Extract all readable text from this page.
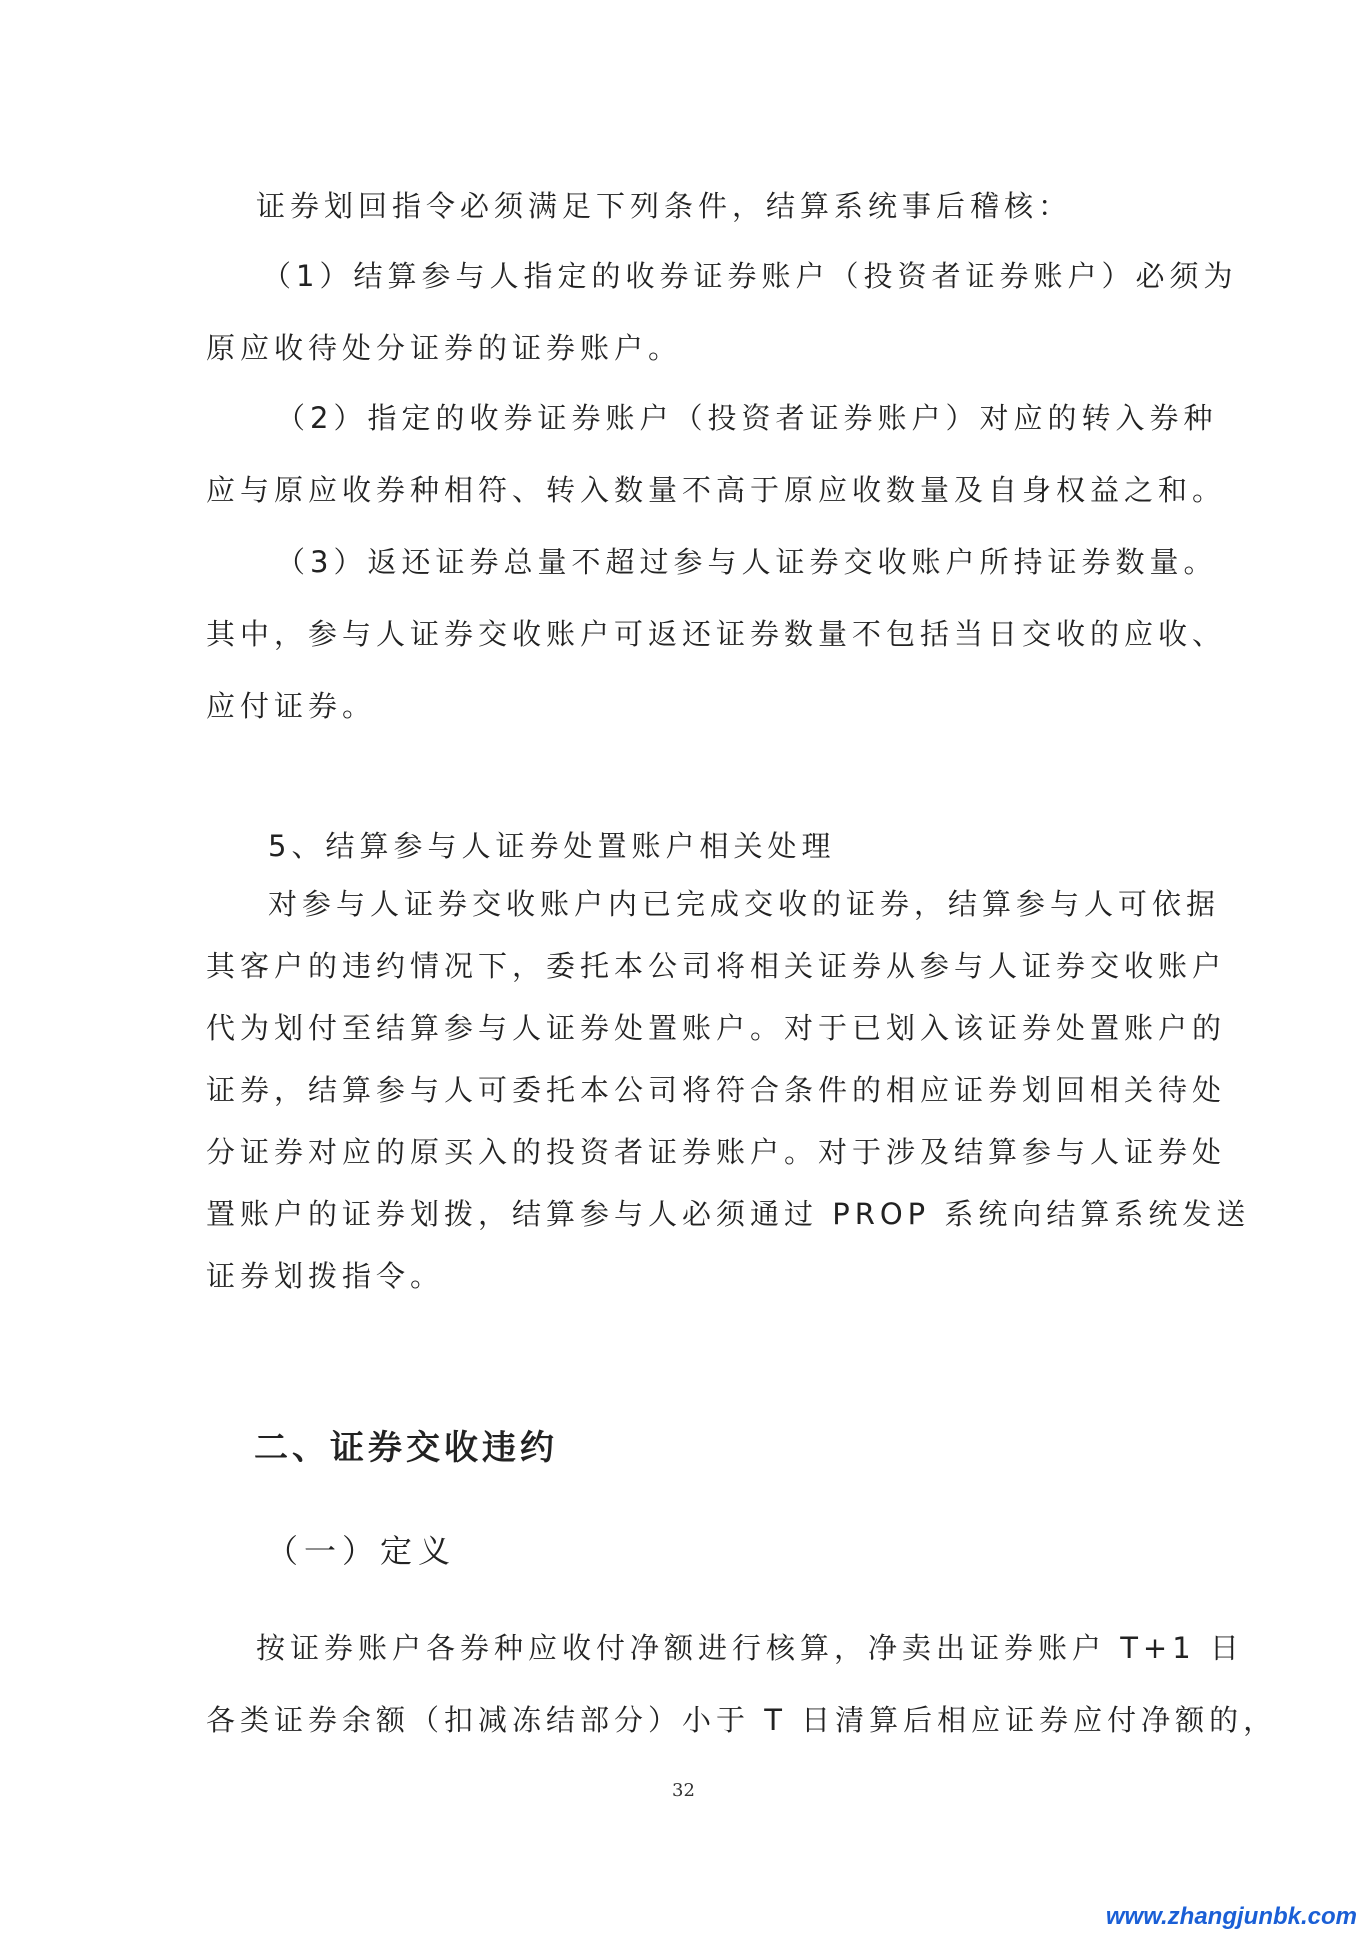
证券划回指令必须满足下列条件，结算系统事后稽核：
（1）结算参与人指定的收券证券账户（投资者证券账户）必须为
原应收待处分证券的证券账户。
（2）指定的收券证券账户（投资者证券账户）对应的转入券种
应与原应收券种相符、转入数量不高于原应收数量及自身权益之和。
（3）返还证券总量不超过参与人证券交收账户所持证券数量。
其中，参与人证券交收账户可返还证券数量不包括当日交收的应收、
应付证券。
5、结算参与人证券处置账户相关处理
对参与人证券交收账户内已完成交收的证券，结算参与人可依据
其客户的违约情况下，委托本公司将相关证券从参与人证券交收账户
代为划付至结算参与人证券处置账户。对于已划入该证券处置账户的
证券，结算参与人可委托本公司将符合条件的相应证券划回相关待处
分证券对应的原买入的投资者证券账户。对于涉及结算参与人证券处
置账户的证券划拨，结算参与人必须通过 PROP 系统向结算系统发送
证券划拨指令。
二、证券交收违约
（一）定义
按证券账户各券种应收付净额进行核算，净卖出证券账户 T+1 日
各类证券余额（扣减冻结部分）小于 T 日清算后相应证券应付净额的，
32
www.zhangjunbk.com
